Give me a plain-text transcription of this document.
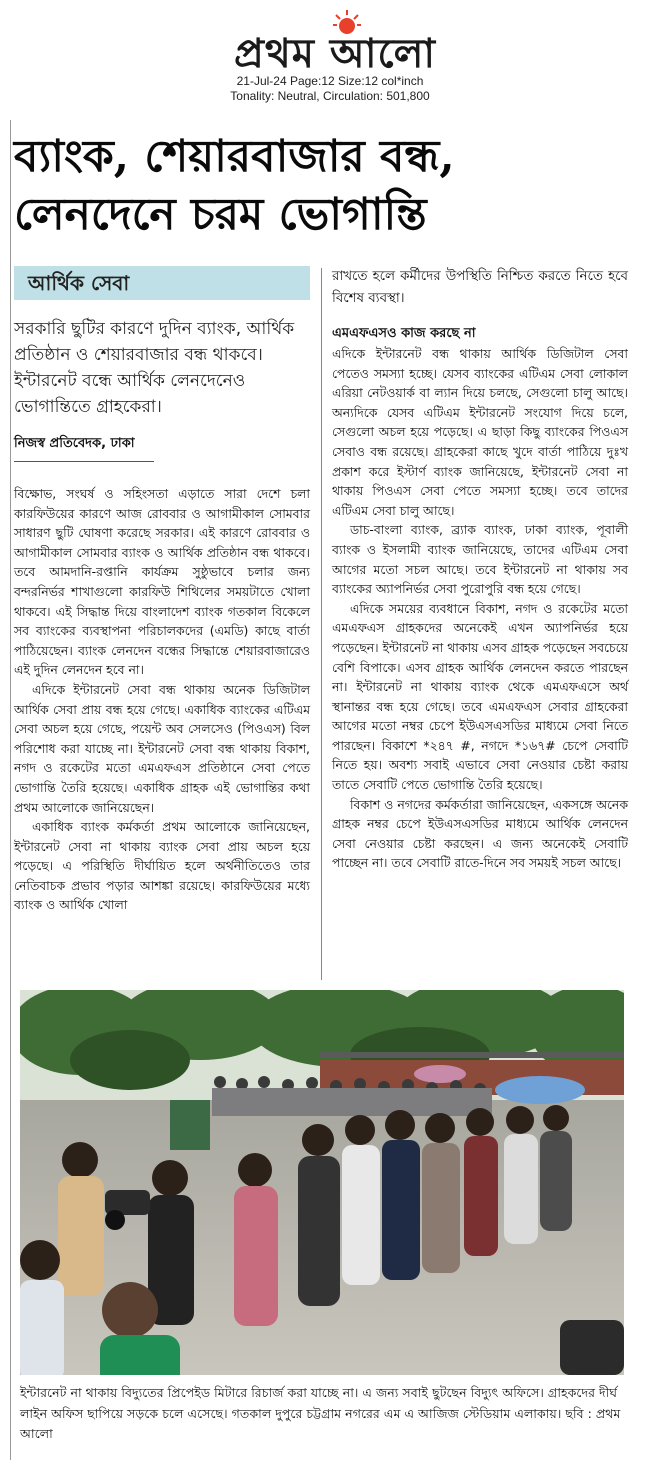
প্রথম আলো
21-Jul-24 Page:12 Size:12 col*inch
Tonality: Neutral, Circulation: 501,800
ব্যাংক, শেয়ারবাজার বন্ধ,
লেনদেনে চরম ভোগান্তি
আর্থিক সেবা
সরকারি ছুটির কারণে দুদিন ব্যাংক, আর্থিক প্রতিষ্ঠান ও শেয়ারবাজার বন্ধ থাকবে। ইন্টারনেট বন্ধে আর্থিক লেনদেনেও ভোগান্তিতে গ্রাহকেরা।
নিজস্ব প্রতিবেদক, ঢাকা

বিক্ষোভ, সংঘর্ষ ও সহিংসতা এড়াতে সারা দেশে চলা কারফিউয়ের কারণে আজ রোববার ও আগামীকাল সোমবার সাধারণ ছুটি ঘোষণা করেছে সরকার। এই কারণে রোববার ও আগামীকাল সোমবার ব্যাংক ও আর্থিক প্রতিষ্ঠান বন্ধ থাকবে। তবে আমদানি-রপ্তানি কার্যক্রম সুষ্ঠুভাবে চলার জন্য বন্দরনির্ভর শাখাগুলো কারফিউ শিথিলের সময়টাতে খোলা থাকবে। এই সিদ্ধান্ত দিয়ে বাংলাদেশ ব্যাংক গতকাল বিকেলে সব ব্যাংকের ব্যবস্থাপনা পরিচালকদের (এমডি) কাছে বার্তা পাঠিয়েছেন। ব্যাংক লেনদেন বন্ধের সিদ্ধান্তে শেয়ারবাজারেও এই দুদিন লেনদেন হবে না।

এদিকে ইন্টারনেট সেবা বন্ধ থাকায় অনেক ডিজিটাল আর্থিক সেবা প্রায় বন্ধ হয়ে গেছে। একাধিক ব্যাংকের এটিএম সেবা অচল হয়ে গেছে, পয়েন্ট অব সেলসেও (পিওএস) বিল পরিশোধ করা যাচ্ছে না। ইন্টারনেট সেবা বন্ধ থাকায় বিকাশ, নগদ ও রকেটের মতো এমএফএস প্রতিষ্ঠানে সেবা পেতে ভোগান্তি তৈরি হয়েছে। একাধিক গ্রাহক এই ভোগান্তির কথা প্রথম আলোকে জানিয়েছেন।

একাধিক ব্যাংক কর্মকর্তা প্রথম আলোকে জানিয়েছেন, ইন্টারনেট সেবা না থাকায় ব্যাংক সেবা প্রায় অচল হয়ে পড়েছে। এ পরিস্থিতি দীর্ঘায়িত হলে অর্থনীতিতেও তার নেতিবাচক প্রভাব পড়ার আশঙ্কা রয়েছে। কারফিউয়ের মধ্যে ব্যাংক ও আর্থিক খোলা

রাখতে হলে কর্মীদের উপস্থিতি নিশ্চিত করতে নিতে হবে বিশেষ ব্যবস্থা।

এমএফএসও কাজ করছে না

এদিকে ইন্টারনেট বন্ধ থাকায় আর্থিক ডিজিটাল সেবা পেতেও সমস্যা হচ্ছে। যেসব ব্যাংকের এটিএম সেবা লোকাল এরিয়া নেটওয়ার্ক বা ল্যান দিয়ে চলছে, সেগুলো চালু আছে। অন্যদিকে যেসব এটিএম ইন্টারনেট সংযোগ দিয়ে চলে, সেগুলো অচল হয়ে পড়েছে। এ ছাড়া কিছু ব্যাংকের পিওএস সেবাও বন্ধ রয়েছে। গ্রাহকেরা কাছে খুদে বার্তা পাঠিয়ে দুঃখ প্রকাশ করে ইস্টার্ণ ব্যাংক জানিয়েছে, ইন্টারনেট সেবা না থাকায় পিওএস সেবা পেতে সমস্যা হচ্ছে। তবে তাদের এটিএম সেবা চালু আছে।

ডাচ-বাংলা ব্যাংক, ব্র্যাক ব্যাংক, ঢাকা ব্যাংক, পূবালী ব্যাংক ও ইসলামী ব্যাংক জানিয়েছে, তাদের এটিএম সেবা আগের মতো সচল আছে। তবে ইন্টারনেট না থাকায় সব ব্যাংকের অ্যাপনির্ভর সেবা পুরোপুরি বন্ধ হয়ে গেছে।

এদিকে সময়ের ব্যবধানে বিকাশ, নগদ ও রকেটের মতো এমএফএস গ্রাহকদের অনেকেই এখন অ্যাপনির্ভর হয়ে পড়েছেন। ইন্টারনেট না থাকায় এসব গ্রাহক পড়েছেন সবচেয়ে বেশি বিপাকে। এসব গ্রাহক আর্থিক লেনদেন করতে পারছেন না। ইন্টারনেট না থাকায় ব্যাংক থেকে এমএফএসে অর্থ স্থানান্তর বন্ধ হয়ে গেছে। তবে এমএফএস সেবার গ্রাহকেরা আগের মতো নম্বর চেপে ইউএসএসডির মাধ্যমে সেবা নিতে পারছেন। বিকাশে *২৪৭ #, নগদে *১৬৭# চেপে সেবাটি নিতে হয়। অবশ্য সবাই এভাবে সেবা নেওয়ার চেষ্টা করায় তাতে সেবাটি পেতে ভোগান্তি তৈরি হয়েছে।

বিকাশ ও নগদের কর্মকর্তারা জানিয়েছেন, একসঙ্গে অনেক গ্রাহক নম্বর চেপে ইউএসএসডির মাধ্যমে আর্থিক লেনদেন সেবা নেওয়ার চেষ্টা করছেন। এ জন্য অনেকেই সেবাটি পাচ্ছেন না। তবে সেবাটি রাতে-দিনে সব সময়ই সচল আছে।

ইন্টারনেট না থাকায় বিদ্যুতের প্রিপেইড মিটারে রিচার্জ করা যাচ্ছে না। এ জন্য সবাই ছুটছেন বিদ্যুৎ অফিসে। গ্রাহকদের দীর্ঘ লাইন অফিস ছাপিয়ে সড়কে চলে এসেছে। গতকাল দুপুরে চট্টগ্রাম নগরের এম এ আজিজ স্টেডিয়াম এলাকায়। ছবি : প্রথম আলো
